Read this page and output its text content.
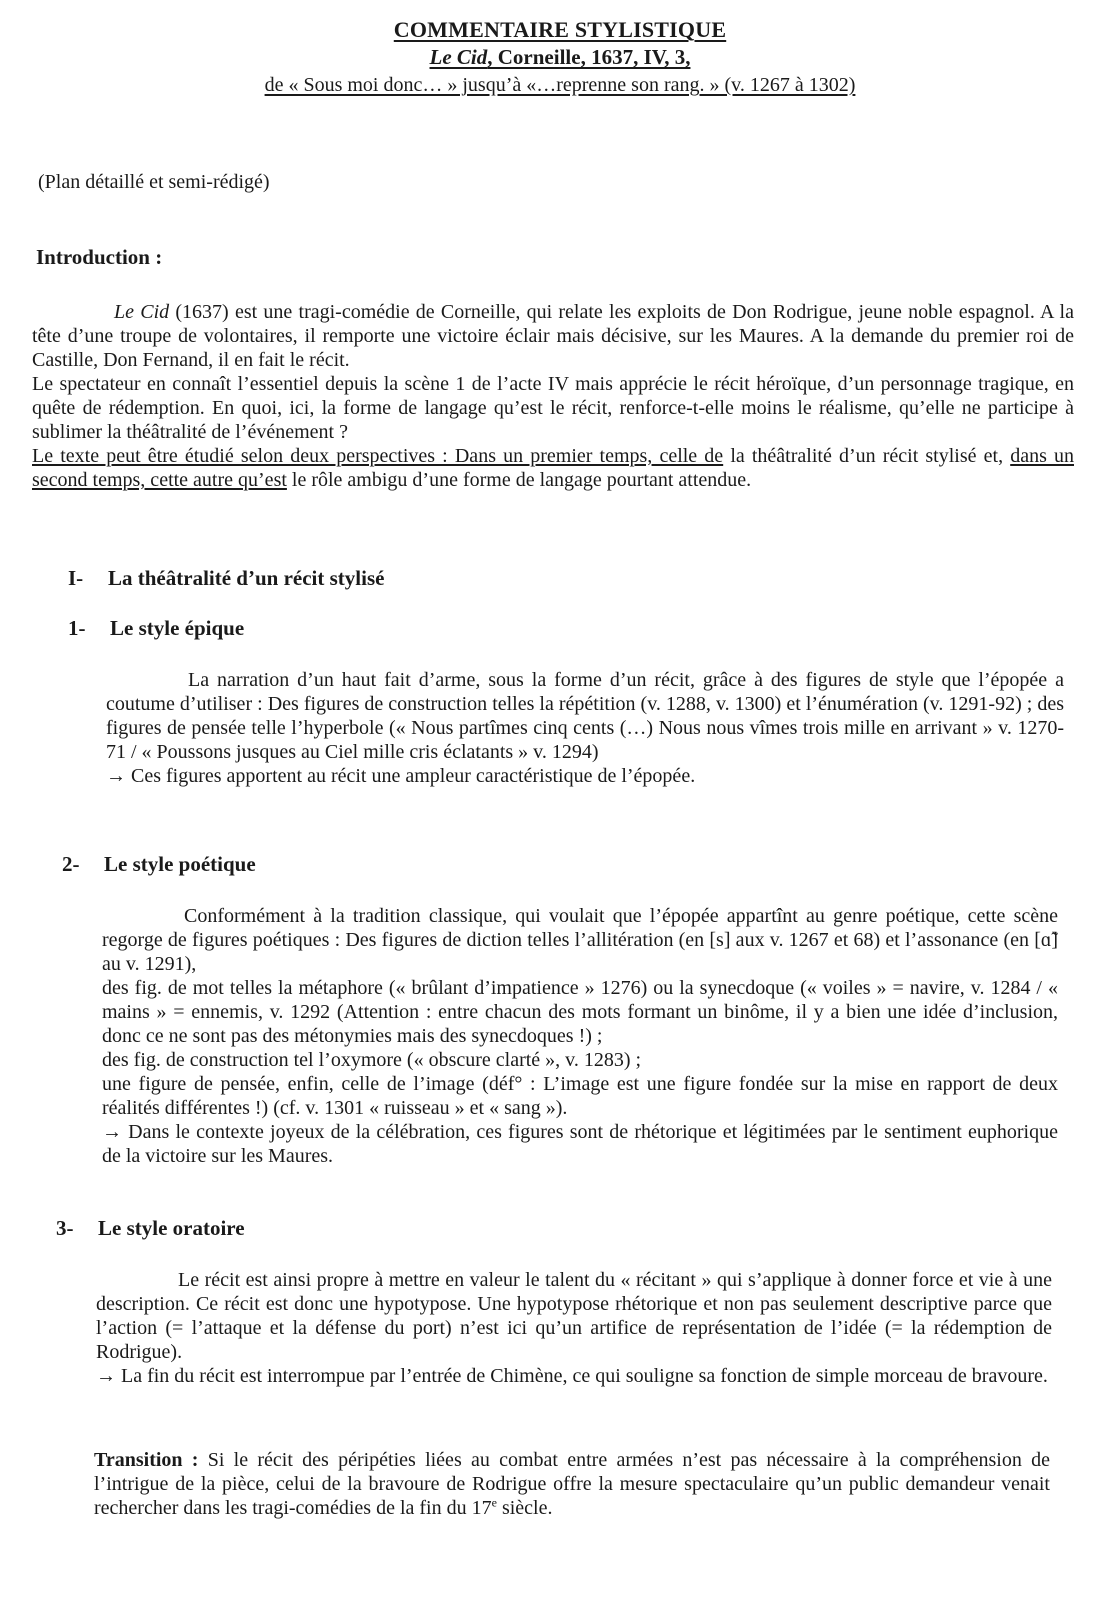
COMMENTAIRE STYLISTIQUE
Le Cid, Corneille, 1637, IV, 3,
de « Sous moi donc… » jusqu’à «…reprenne son rang. » (v. 1267 à 1302)
(Plan détaillé et semi-rédigé)
Introduction :
Le Cid (1637) est une tragi-comédie de Corneille, qui relate les exploits de Don Rodrigue, jeune noble espagnol. A la tête d’une troupe de volontaires, il remporte une victoire éclair mais décisive, sur les Maures. A la demande du premier roi de Castille, Don Fernand, il en fait le récit.
Le spectateur en connaît l’essentiel depuis la scène 1 de l’acte IV mais apprécie le récit héroïque, d’un personnage tragique, en quête de rédemption. En quoi, ici, la forme de langage qu’est le récit, renforce-t-elle moins le réalisme, qu’elle ne participe à sublimer la théâtralité de l’événement ?
Le texte peut être étudié selon deux perspectives : Dans un premier temps, celle de la théâtralité d’un récit stylisé et, dans un second temps, cette autre qu’est le rôle ambigu d’une forme de langage pourtant attendue.
I- La théâtralité d’un récit stylisé
1- Le style épique
La narration d’un haut fait d’arme, sous la forme d’un récit, grâce à des figures de style que l’épopée a coutume d’utiliser : Des figures de construction telles la répétition (v. 1288, v. 1300) et l’énumération (v. 1291-92) ; des figures de pensée telle l’hyperbole (« Nous partîmes cinq cents (…) Nous nous vîmes trois mille en arrivant » v. 1270-71 / « Poussons jusques au Ciel mille cris éclatants » v. 1294)
→ Ces figures apportent au récit une ampleur caractéristique de l’épopée.
2- Le style poétique
Conformément à la tradition classique, qui voulait que l’épopée appartînt au genre poétique, cette scène regorge de figures poétiques : Des figures de diction telles l’allitération (en [s] aux v. 1267 et 68) et l’assonance (en [ɑ̃] au v. 1291),
des fig. de mot telles la métaphore (« brûlant d’impatience » 1276) ou la synecdoque (« voiles » = navire, v. 1284 / « mains » = ennemis, v. 1292 (Attention : entre chacun des mots formant un binôme, il y a bien une idée d’inclusion, donc ce ne sont pas des métonymies mais des synecdoques !) ;
des fig. de construction tel l’oxymore (« obscure clarté », v. 1283) ;
une figure de pensée, enfin, celle de l’image (déf° : L’image est une figure fondée sur la mise en rapport de deux réalités différentes !) (cf. v. 1301 « ruisseau » et « sang »).
→ Dans le contexte joyeux de la célébration, ces figures sont de rhétorique et légitimées par le sentiment euphorique de la victoire sur les Maures.
3- Le style oratoire
Le récit est ainsi propre à mettre en valeur le talent du « récitant » qui s’applique à donner force et vie à une description. Ce récit est donc une hypotypose. Une hypotypose rhétorique et non pas seulement descriptive parce que l’action (= l’attaque et la défense du port) n’est ici qu’un artifice de représentation de l’idée (= la rédemption de Rodrigue).
→ La fin du récit est interrompue par l’entrée de Chimène, ce qui souligne sa fonction de simple morceau de bravoure.
Transition : Si le récit des péripéties liées au combat entre armées n’est pas nécessaire à la compréhension de l’intrigue de la pièce, celui de la bravoure de Rodrigue offre la mesure spectaculaire qu’un public demandeur venait rechercher dans les tragi-comédies de la fin du 17e siècle.
